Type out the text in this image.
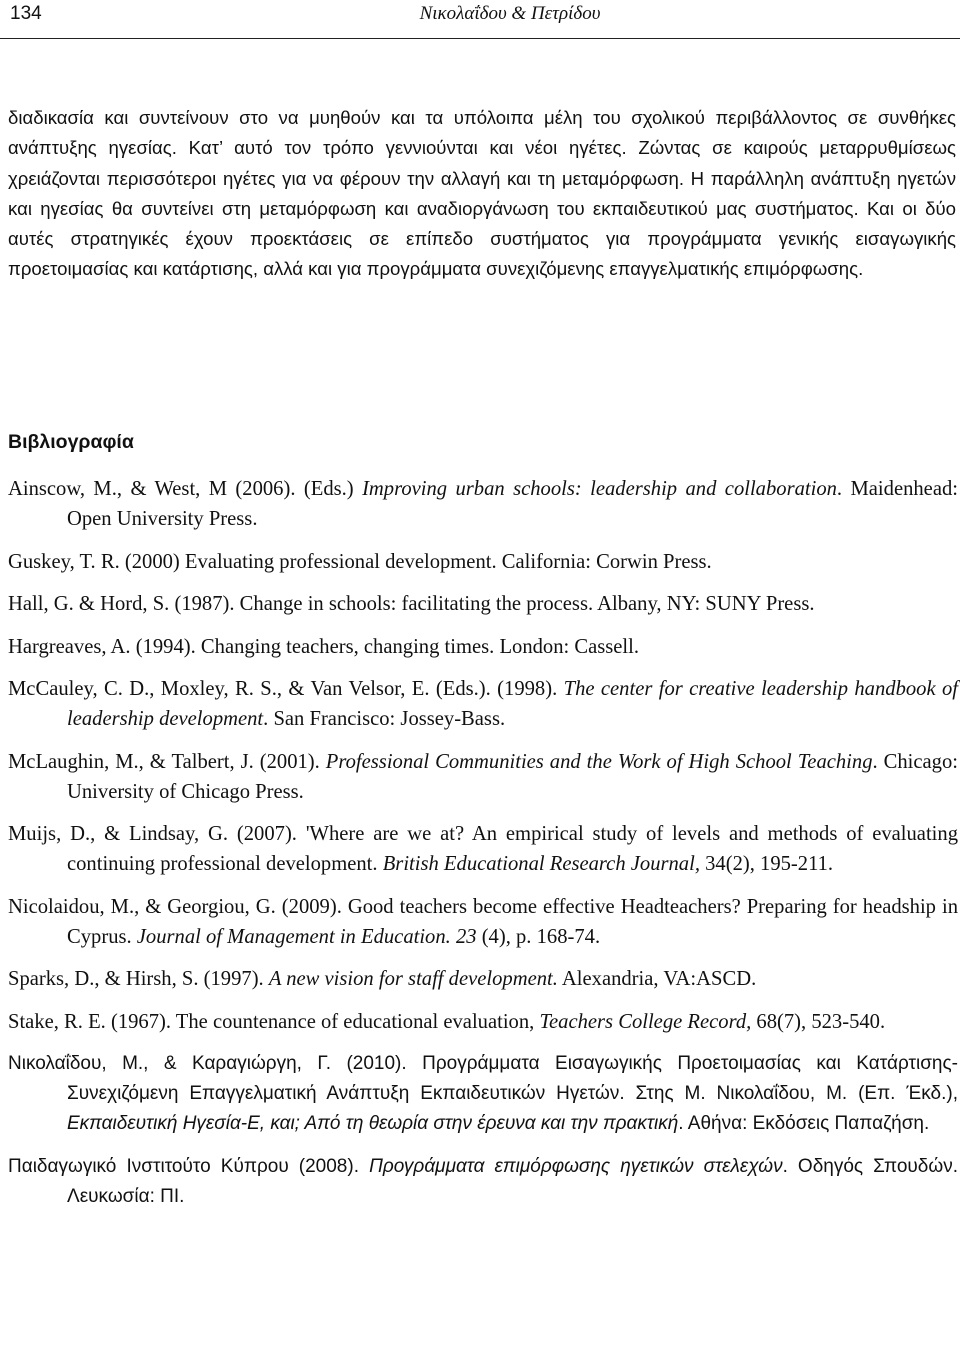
134	Νικολαΐδου & Πετρίδου

διαδικασία και συντείνουν στο να μυηθούν και τα υπόλοιπα μέλη του σχολικού περιβάλλοντος σε συνθήκες ανάπτυξης ηγεσίας. Κατ’ αυτό τον τρόπο γεννιούνται και νέοι ηγέτες. Ζώντας σε καιρούς μεταρρυθμίσεως χρειάζονται περισσότεροι ηγέτες για να φέρουν την αλλαγή και τη μεταμόρφωση. Η παράλληλη ανάπτυξη ηγετών και ηγεσίας θα συντείνει στη μεταμόρφωση και αναδιοργάνωση του εκπαιδευτικού μας συστήματος. Και οι δύο αυτές στρατηγικές έχουν προεκτάσεις σε επίπεδο συστήματος για προγράμματα γενικής εισαγωγικής προετοιμασίας και κατάρτισης, αλλά και για προγράμματα συνεχιζόμενης επαγγελματικής επιμόρφωσης.

Βιβλιογραφία
Ainscow, M., & West, M (2006). (Eds.) Improving urban schools: leadership and collaboration. Maidenhead: Open University Press.
Guskey, T. R. (2000) Evaluating professional development. California: Corwin Press.
Hall, G. & Hord, S. (1987). Change in schools: facilitating the process. Albany, NY: SUNY Press.
Hargreaves, A. (1994). Changing teachers, changing times. London: Cassell.
McCauley, C. D., Moxley, R. S., & Van Velsor, E. (Eds.). (1998). The center for creative leadership handbook of leadership development. San Francisco: Jossey-Bass.
McLaughin, M., & Talbert, J. (2001). Professional Communities and the Work of High School Teaching. Chicago: University of Chicago Press.
Muijs, D., & Lindsay, G. (2007). 'Where are we at? An empirical study of levels and methods of evaluating continuing professional development. British Educational Research Journal, 34(2), 195-211.
Nicolaidou, M., & Georgiou, G. (2009). Good teachers become effective Headteachers? Preparing for headship in Cyprus. Journal of Management in Education. 23 (4), p. 168-74.
Sparks, D., & Hirsh, S. (1997). A new vision for staff development. Alexandria, VA:ASCD.
Stake, R. E. (1967). The countenance of educational evaluation, Teachers College Record, 68(7), 523-540.
Νικολαΐδου, Μ., & Καραγιώργη, Γ. (2010). Προγράμματα Εισαγωγικής Προετοιμασίας και Κατάρτισης-Συνεχιζόμενη Επαγγελματική Ανάπτυξη Εκπαιδευτικών Ηγετών. Στης Μ. Νικολαΐδου, Μ. (Επ. Έκδ.), Εκπαιδευτική Ηγεσία-Ε, και; Από τη θεωρία στην έρευνα και την πρακτική. Αθήνα: Εκδόσεις Παπαζήση.
Παιδαγωγικό Ινστιτούτο Κύπρου (2008). Προγράμματα επιμόρφωσης ηγετικών στελεχών. Οδηγός Σπουδών. Λευκωσία: ΠΙ.
